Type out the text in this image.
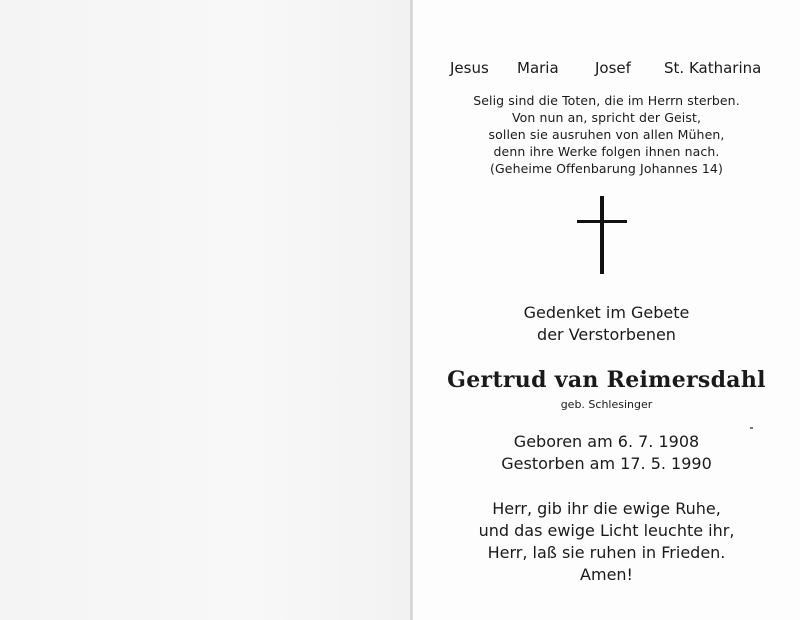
Jesus Maria Josef St. Katharina
Selig sind die Toten, die im Herrn sterben.
Von nun an, spricht der Geist,
sollen sie ausruhen von allen Mühen,
denn ihre Werke folgen ihnen nach.
(Geheime Offenbarung Johannes 14)
Gedenket im Gebete
der Verstorbenen
Gertrud van Reimersdahl
geb. Schlesinger
Geboren am 6. 7. 1908
Gestorben am 17. 5. 1990
Herr, gib ihr die ewige Ruhe,
und das ewige Licht leuchte ihr,
Herr, laß sie ruhen in Frieden.
Amen!
